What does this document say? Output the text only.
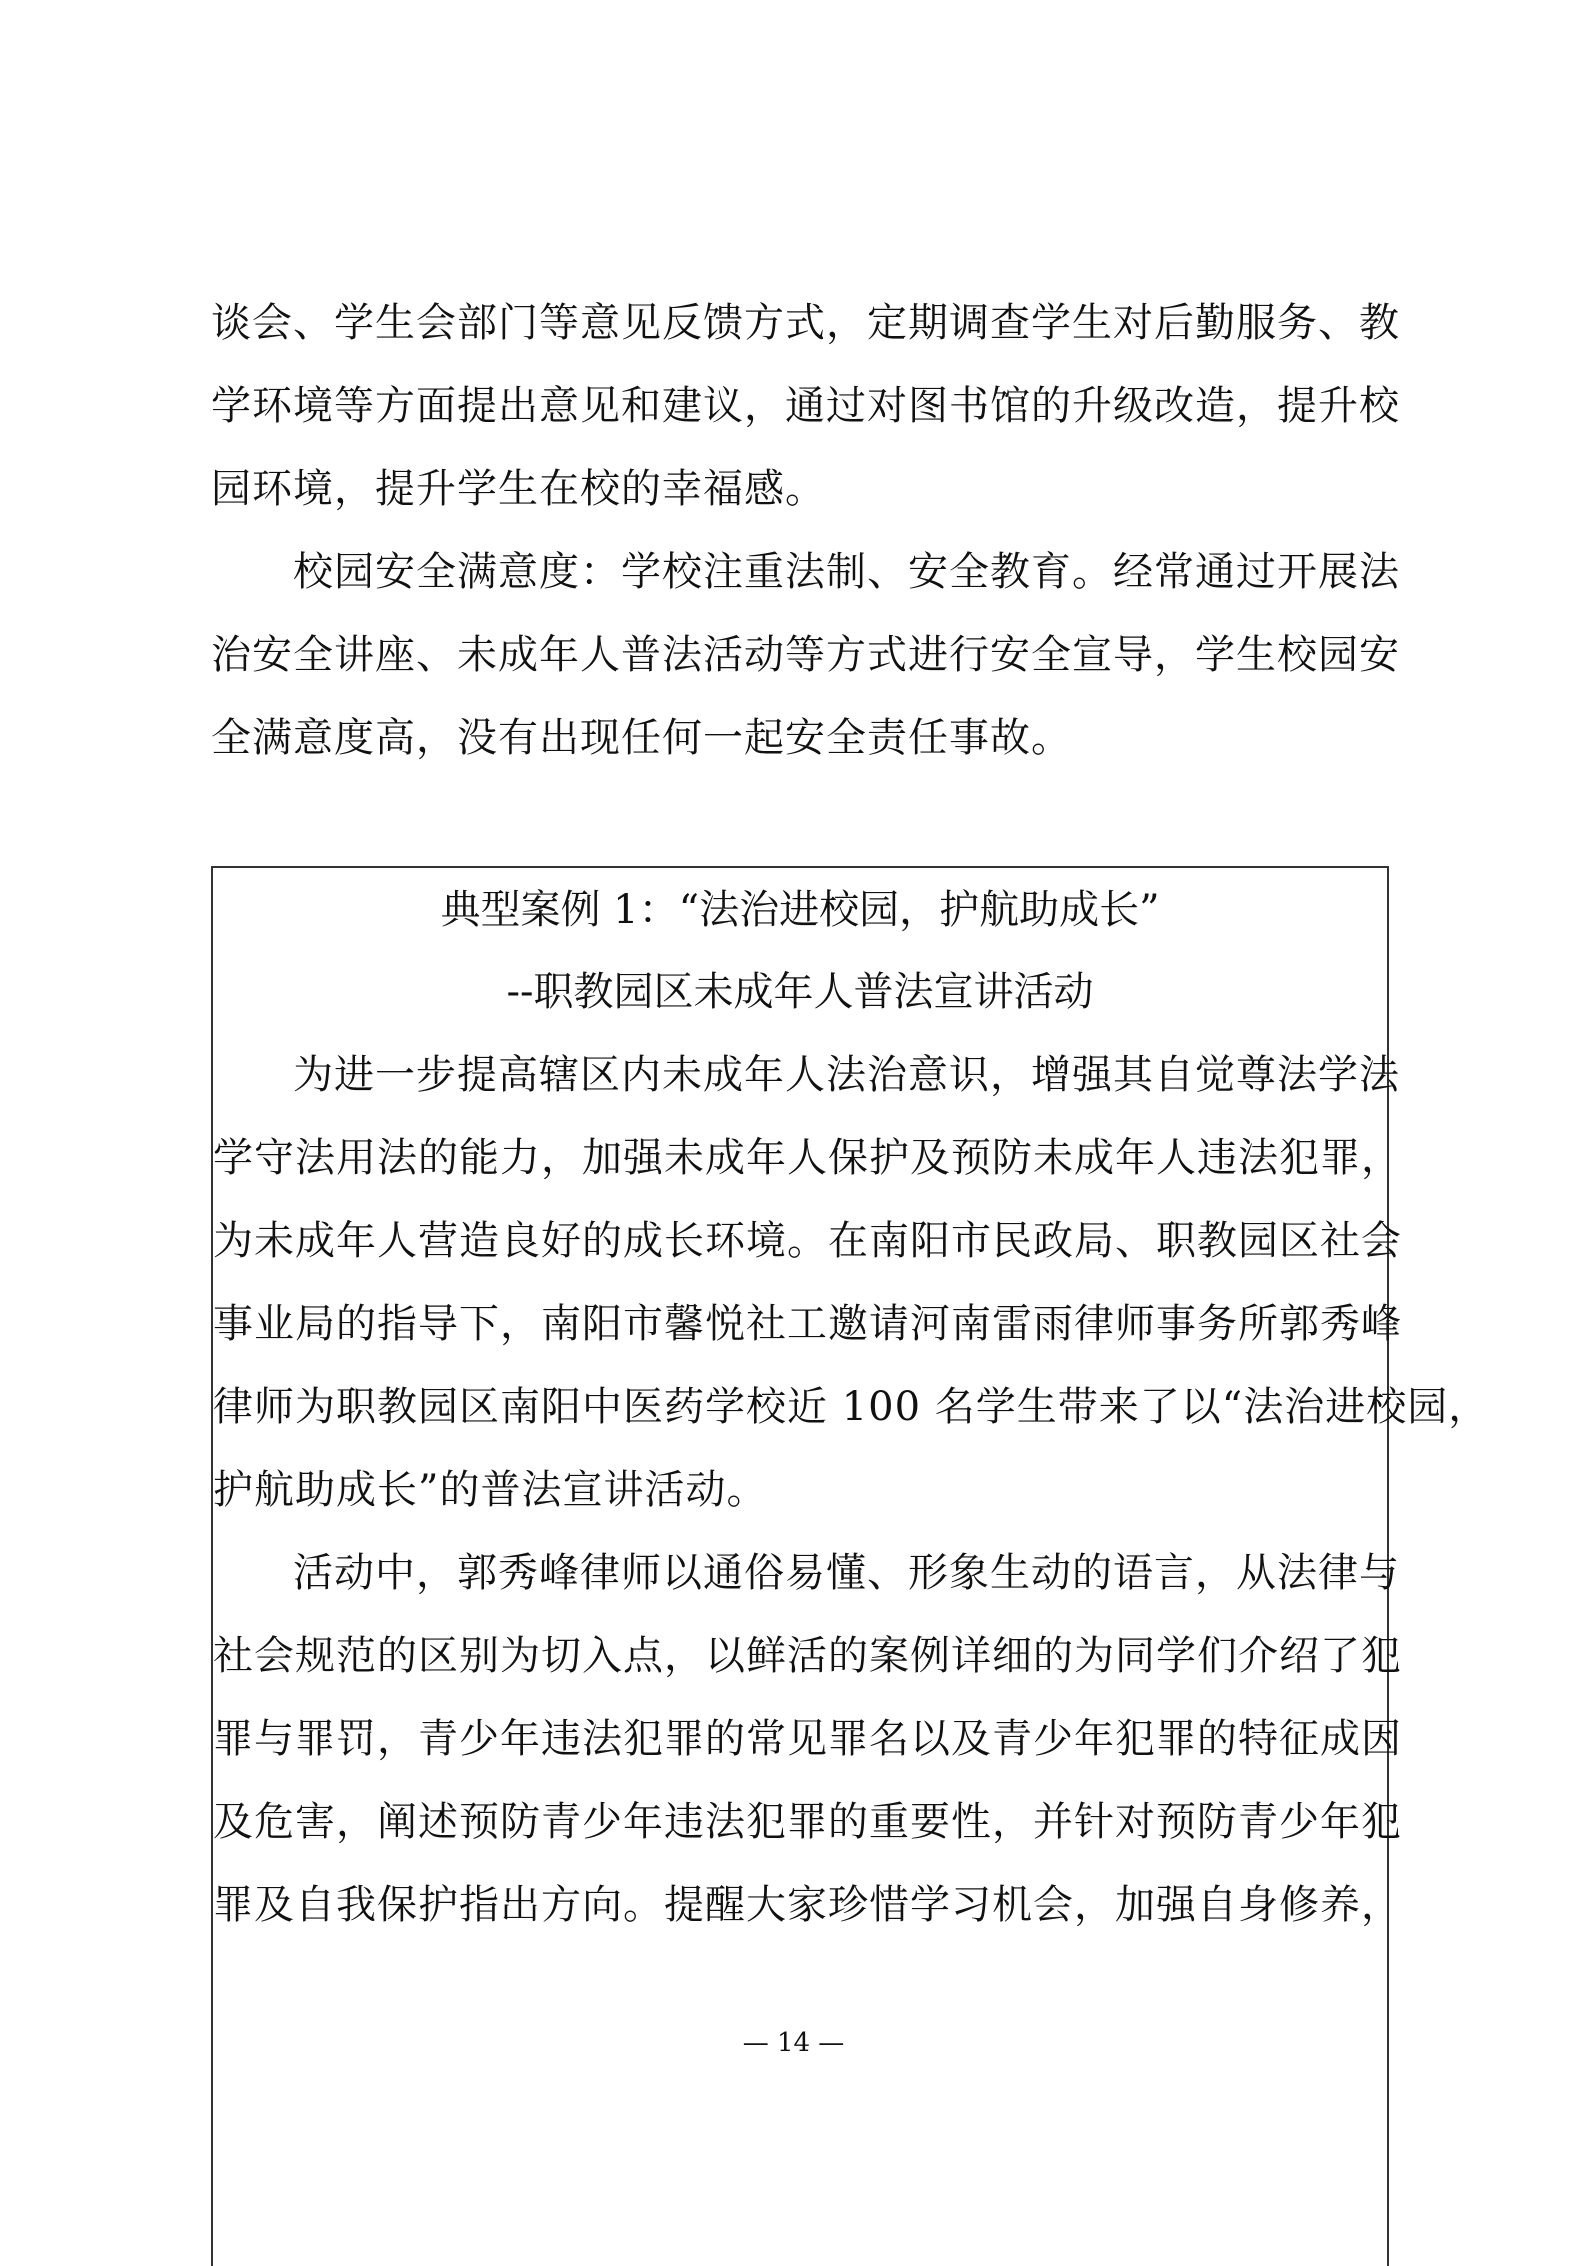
谈会、学生会部门等意见反馈方式，定期调查学生对后勤服务、教
学环境等方面提出意见和建议，通过对图书馆的升级改造，提升校
园环境，提升学生在校的幸福感。
校园安全满意度：学校注重法制、安全教育。经常通过开展法
治安全讲座、未成年人普法活动等方式进行安全宣导，学生校园安
全满意度高，没有出现任何一起安全责任事故。
典型案例 1：“法治进校园，护航助成长”
--职教园区未成年人普法宣讲活动
为进一步提高辖区内未成年人法治意识，增强其自觉尊法学法
学守法用法的能力，加强未成年人保护及预防未成年人违法犯罪，
为未成年人营造良好的成长环境。在南阳市民政局、职教园区社会
事业局的指导下，南阳市馨悦社工邀请河南雷雨律师事务所郭秀峰
律师为职教园区南阳中医药学校近 100 名学生带来了以“法治进校园，
护航助成长”的普法宣讲活动。
活动中，郭秀峰律师以通俗易懂、形象生动的语言，从法律与
社会规范的区别为切入点，以鲜活的案例详细的为同学们介绍了犯
罪与罪罚，青少年违法犯罪的常见罪名以及青少年犯罪的特征成因
及危害，阐述预防青少年违法犯罪的重要性，并针对预防青少年犯
罪及自我保护指出方向。提醒大家珍惜学习机会，加强自身修养，
— 14 —
